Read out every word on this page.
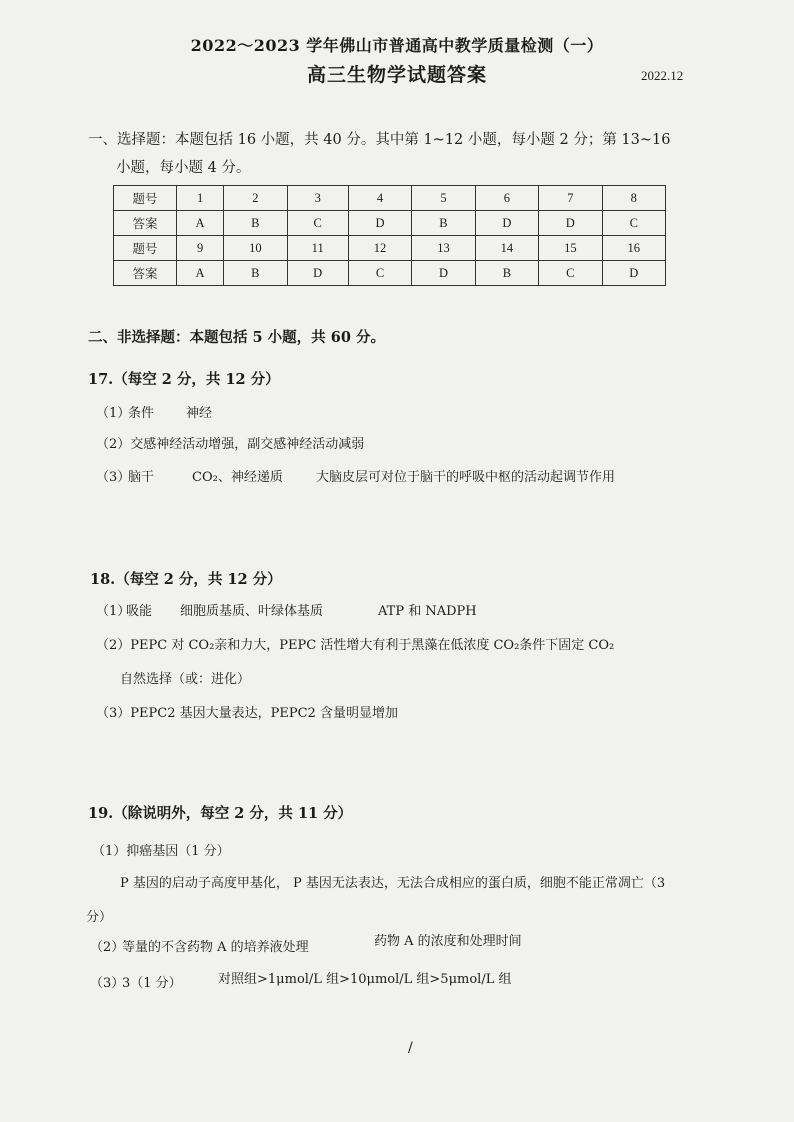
2022～2023 学年佛山市普通高中教学质量检测（一）
高三生物学试题答案	2022.12
一、选择题：本题包括 16 小题，共 40 分。其中第 1~12 小题，每小题 2 分；第 13~16
小题，每小题 4 分。
题号	1	2	3	4	5	6	7	8
答案	A	B	C	D	B	D	D	C
题号	9	10	11	12	13	14	15	16
答案	A	B	D	C	D	B	C	D
二、非选择题：本题包括 5 小题，共 60 分。
17.（每空 2 分，共 12 分）
（1）
条件 神经
（2）交感神经活动增强，副交感神经活动减弱
（3）
脑干	CO₂、神经递质	大脑皮层可对位于脑干的呼吸中枢的活动起调节作用
18.（每空 2 分，共 12 分）
（1）
吸能 细胞质基质、叶绿体基质	ATP 和 NADPH
（2）PEPC 对 CO₂亲和力大，PEPC 活性增大有利于黑藻在低浓度 CO₂条件下固定 CO₂
自然选择（或：进化）
（3）PEPC2 基因大量表达，PEPC2 含量明显增加
19.（除说明外，每空 2 分，共 11 分）
（1）抑癌基因（1 分）
P 基因的启动子高度甲基化， P 基因无法表达，无法合成相应的蛋白质，细胞不能正常凋亡（3
分）
（2）
等量的不含药物 A 的培养液处理	药物 A 的浓度和处理时间
（3）
3（1 分）	对照组>1μmol/L 组>10μmol/L 组>5μmol/L 组
/
